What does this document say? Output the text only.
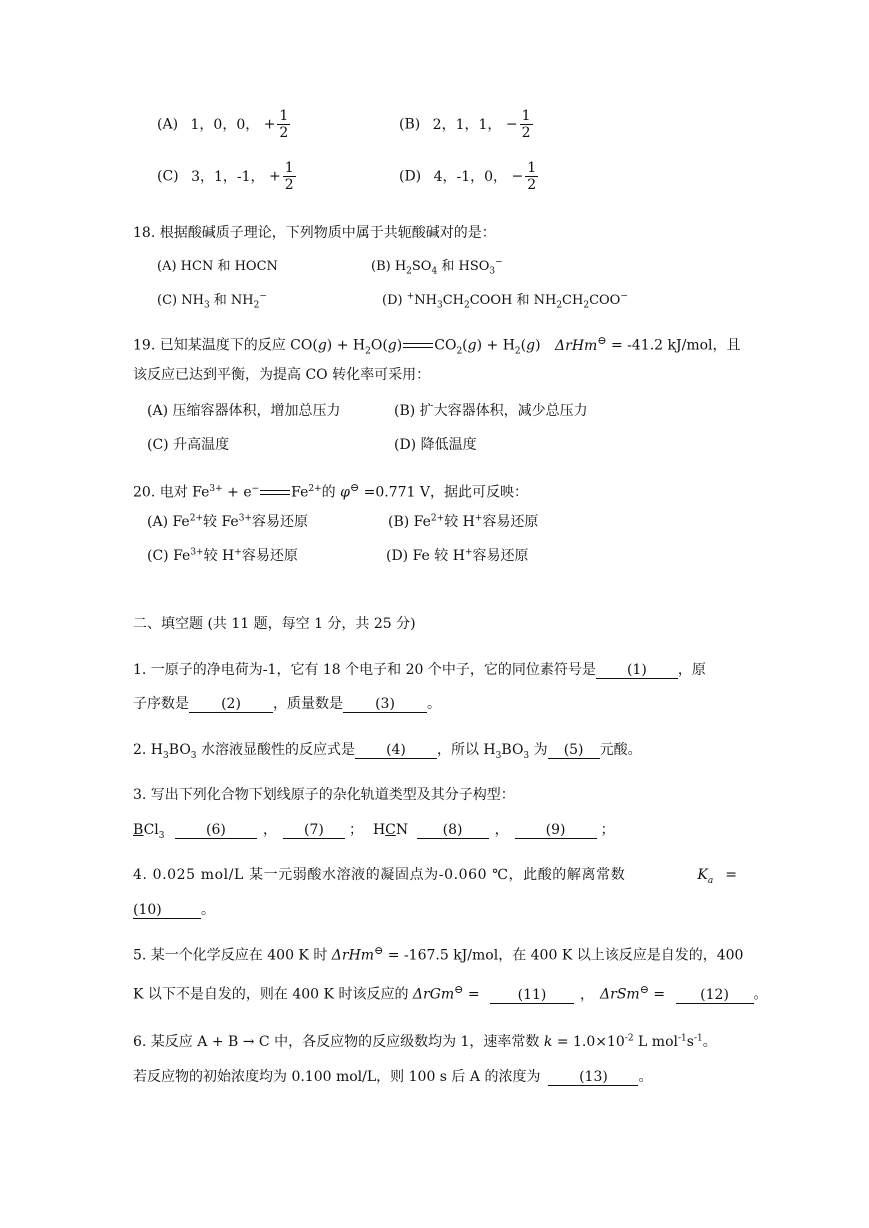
(A) 1，0，0， + $\frac{1}{2}$	(B) 2，1，1， − $\frac{1}{2}$
(C) 3，1，-1， + $\frac{1}{2}$	(D) 4，-1，0， − $\frac{1}{2}$
18. 根据酸碱质子理论，下列物质中属于共轭酸碱对的是：
(A) HCN 和 HOCN	(B) $H_2SO_4$ 和 $HSO_3^-$
(C) $NH_3$ 和 $NH_2^-$	(D) $^+NH_3CH_2COOH$ 和 $NH_2CH_2COO^-$
19. 已知某温度下的反应 $CO(g) + H_2O(g) CO_2(g) + H_2(g) \Delta rHm^⊖ = -41.2$ kJ/mol，且
该反应已达到平衡，为提高 CO 转化率可采用：
(A) 压缩容器体积，增加总压力	(B) 扩大容器体积，减少总压力
(C) 升高温度	(D) 降低温度
20. 电对 $Fe^{3+} + e^-$ $Fe^{2+}$的 φ⊖ =0.771 V，据此可反映：
(A) $Fe^{2+}$较 $Fe^{3+}$容易还原	(B) $Fe^{2+}$较 H+容易还原
(C) $Fe^{3+}$较 H+容易还原	(D) Fe 较 H+容易还原
二、填空题 (共 11 题，每空 1 分，共 25 分)
1. 一原子的净电荷为-1，它有 18 个电子和 20 个中子，它的同位素符号是 (1) ，原
子序数是 (2) ，质量数是 (3) 。
2. $H_3BO_3$ 水溶液显酸性的反应式是 (4) ，所以 $H_3BO_3$ 为 (5) 元酸。
3. 写出下列化合物下划线原子的杂化轨道类型及其分子构型：
BCl$_3$	(6)	， (7) ； HCN (8) ，	(9)	；
4. 0.025 mol/L 某一元弱酸水溶液的凝固点为-0.060 ℃，此酸的解离常数	$K_a$ =
(10)	。
5. 某一个化学反应在 400 K 时 ΔrHm⊖ = -167.5 kJ/mol，在 400 K 以上该反应是自发的，400
K 以下不是自发的，则在 400 K 时该反应的 ΔrGm⊖ =	(11) ， ΔrSm⊖ =	(12) 。
6. 某反应 A + B → C 中，各反应物的反应级数均为 1，速率常数 $k = 1.0\times 10^{-2}$ L $mol^{-1}s^{-1}$。
若反应物的初始浓度均为 0.100 mol/L，则 100 s 后 A 的浓度为	(13) 。
